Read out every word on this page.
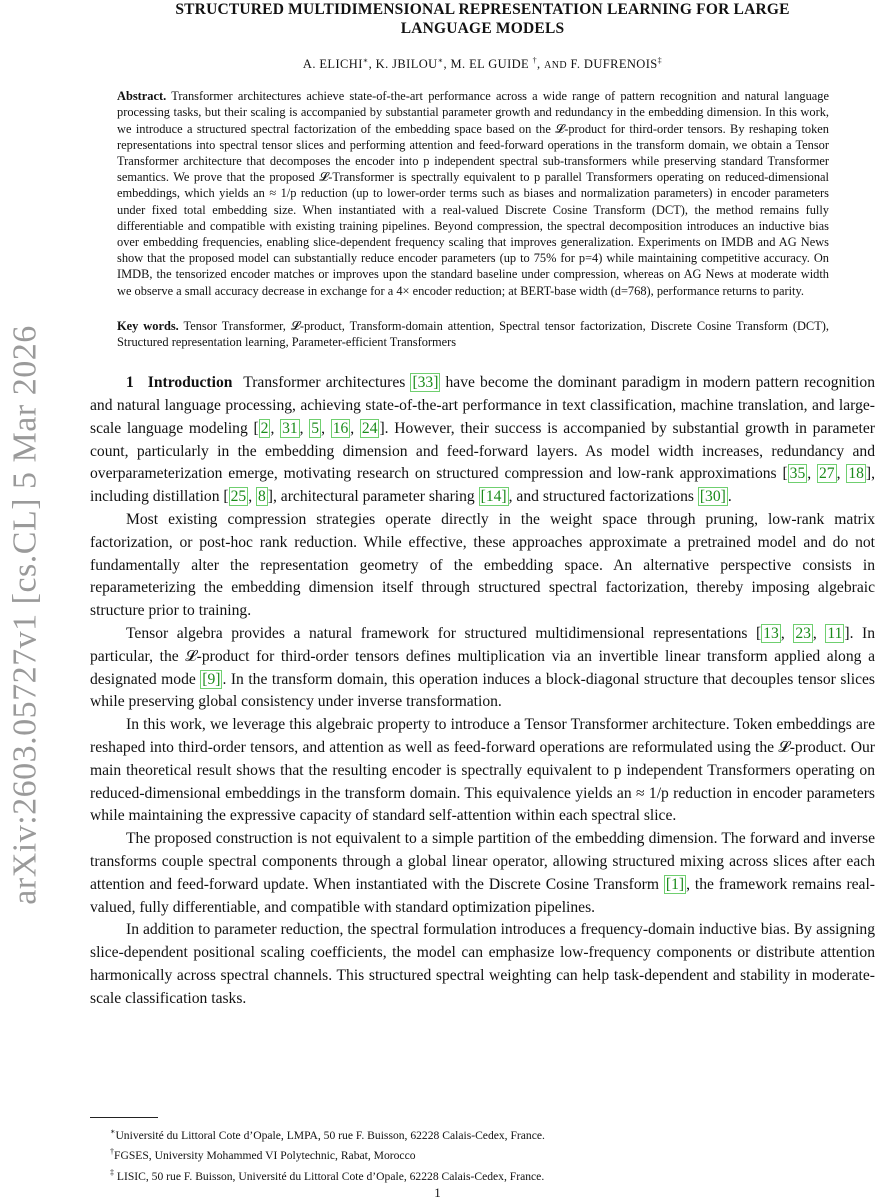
arXiv:2603.05727v1 [cs.CL] 5 Mar 2026
STRUCTURED MULTIDIMENSIONAL REPRESENTATION LEARNING FOR LARGE
LANGUAGE MODELS
A. ELICHI∗, K. JBILOU∗, M. EL GUIDE †, AND F. DUFRENOIS‡
Abstract. Transformer architectures achieve state-of-the-art performance across a wide range of pattern recognition and natural language processing tasks, but their scaling is accompanied by substantial parameter growth and redundancy in the embedding dimension. In this work, we introduce a structured spectral factorization of the embedding space based on the 𝓛-product for third-order tensors. By reshaping token representations into spectral tensor slices and performing attention and feed-forward operations in the transform domain, we obtain a Tensor Transformer architecture that decomposes the encoder into p independent spectral sub-transformers while preserving standard Transformer semantics. We prove that the proposed 𝓛-Transformer is spectrally equivalent to p parallel Transformers operating on reduced-dimensional embeddings, which yields an ≈ 1/p reduction (up to lower-order terms such as biases and normalization parameters) in encoder parameters under fixed total embedding size. When instantiated with a real-valued Discrete Cosine Transform (DCT), the method remains fully differentiable and compatible with existing training pipelines. Beyond compression, the spectral decomposition introduces an inductive bias over embedding frequencies, enabling slice-dependent frequency scaling that improves generalization. Experiments on IMDB and AG News show that the proposed model can substantially reduce encoder parameters (up to 75% for p=4) while maintaining competitive accuracy. On IMDB, the tensorized encoder matches or improves upon the standard baseline under compression, whereas on AG News at moderate width we observe a small accuracy decrease in exchange for a 4× encoder reduction; at BERT-base width (d=768), performance returns to parity.
Key words. Tensor Transformer, 𝓛-product, Transform-domain attention, Spectral tensor factorization, Discrete Cosine Transform (DCT), Structured representation learning, Parameter-efficient Transformers

1 Introduction Transformer architectures [33] have become the dominant paradigm in modern pattern recognition and natural language processing, achieving state-of-the-art performance in text classification, machine translation, and large-scale language modeling [ 2 , 31 , 5 , 16 , 24 ]. However, their success is accompanied by substantial growth in parameter count, particularly in the embedding dimension and feed-forward layers. As model width increases, redundancy and overparameterization emerge, motivating research on structured compression and low-rank approximations [ 35 , 27 , 18 ], including distillation [ 25 , 8 ], architectural parameter sharing [14] , and structured factorizations [30] .

Most existing compression strategies operate directly in the weight space through pruning, low-rank matrix factorization, or post-hoc rank reduction. While effective, these approaches approximate a pretrained model and do not fundamentally alter the representation geometry of the embedding space. An alternative perspective consists in reparameterizing the embedding dimension itself through structured spectral factorization, thereby imposing algebraic structure prior to training.

Tensor algebra provides a natural framework for structured multidimensional representations [ 13 , 23 , 11 ]. In particular, the 𝓛-product for third-order tensors defines multiplication via an invertible linear transform applied along a designated mode [9] . In the transform domain, this operation induces a block-diagonal structure that decouples tensor slices while preserving global consistency under inverse transformation.

In this work, we leverage this algebraic property to introduce a Tensor Transformer architecture. Token embeddings are reshaped into third-order tensors, and attention as well as feed-forward operations are reformulated using the 𝓛-product. Our main theoretical result shows that the resulting encoder is spectrally equivalent to p independent Transformers operating on reduced-dimensional embeddings in the transform domain. This equivalence yields an ≈ 1/p reduction in encoder parameters while maintaining the expressive capacity of standard self-attention within each spectral slice.

The proposed construction is not equivalent to a simple partition of the embedding dimension. The forward and inverse transforms couple spectral components through a global linear operator, allowing structured mixing across slices after each attention and feed-forward update. When instantiated with the Discrete Cosine Transform [1] , the framework remains real-valued, fully differentiable, and compatible with standard optimization pipelines.

In addition to parameter reduction, the spectral formulation introduces a frequency-domain inductive bias. By assigning slice-dependent positional scaling coefficients, the model can emphasize low-frequency components or distribute attention harmonically across spectral channels. This structured spectral weighting can help task-dependent and stability in moderate-scale classification tasks.

∗Université du Littoral Cote d’Opale, LMPA, 50 rue F. Buisson, 62228 Calais-Cedex, France.
†FGSES, University Mohammed VI Polytechnic, Rabat, Morocco
‡ LISIC, 50 rue F. Buisson, Université du Littoral Cote d’Opale, 62228 Calais-Cedex, France.
1
